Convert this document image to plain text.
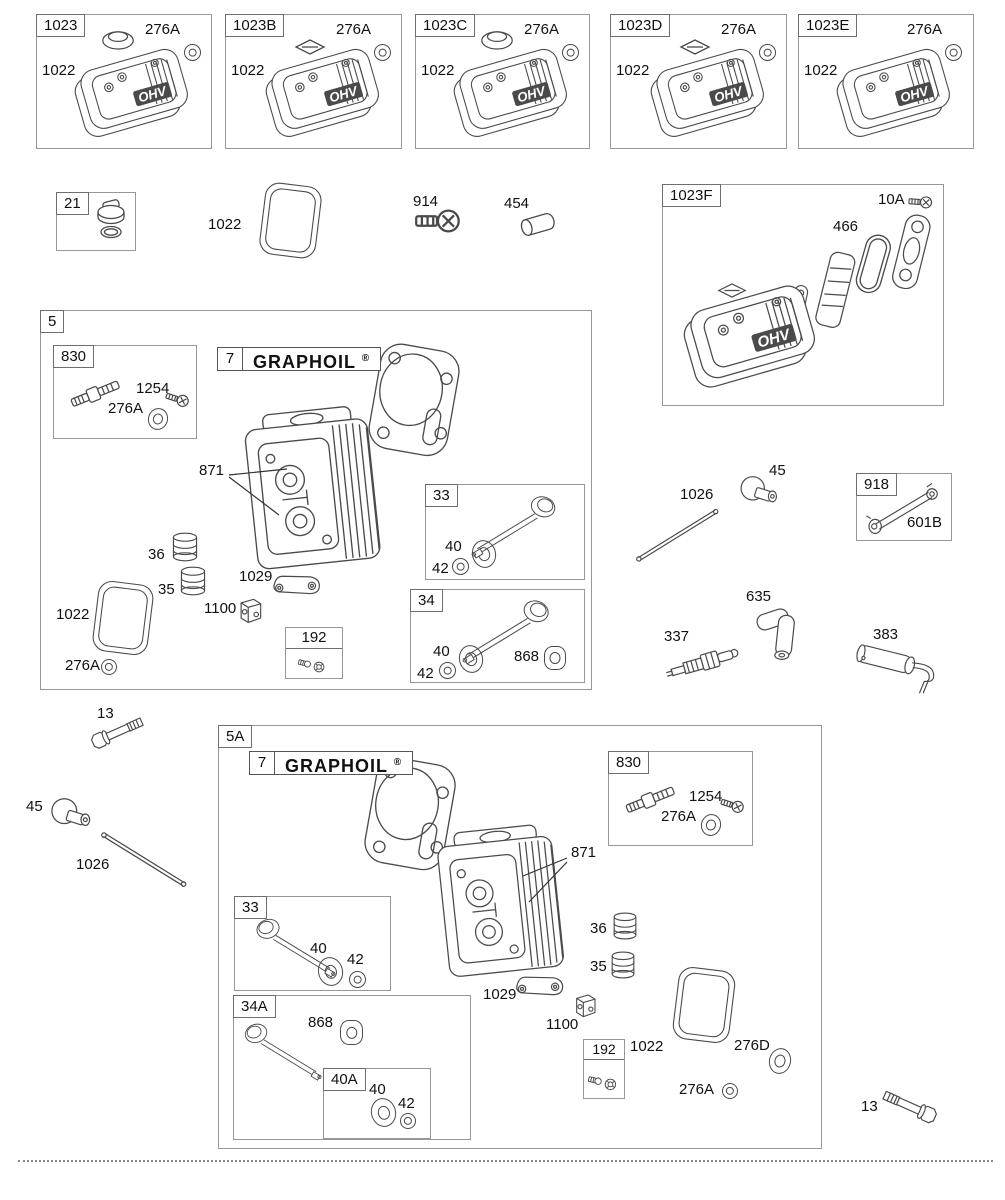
1023	276A
1022
1023B	276A
1022
1023C	276A
1022
1023D	276A
1022
1023E	276A
1022
21
1022
914	454	1023F	10A
466
5
830
1254
276A
7	GRAPHOIL ®
871
36
35
1022
276A
1029
1100
192
33
40
42
34
40
42
868
45
1026
918
601B
635
337	383
13
45
1026
5A
7	GRAPHOIL ®
871
830
1254
276A
33
40
42
34A
868
40A
40
42
36
35
1029
1100
192 1022	276D
276A
13
